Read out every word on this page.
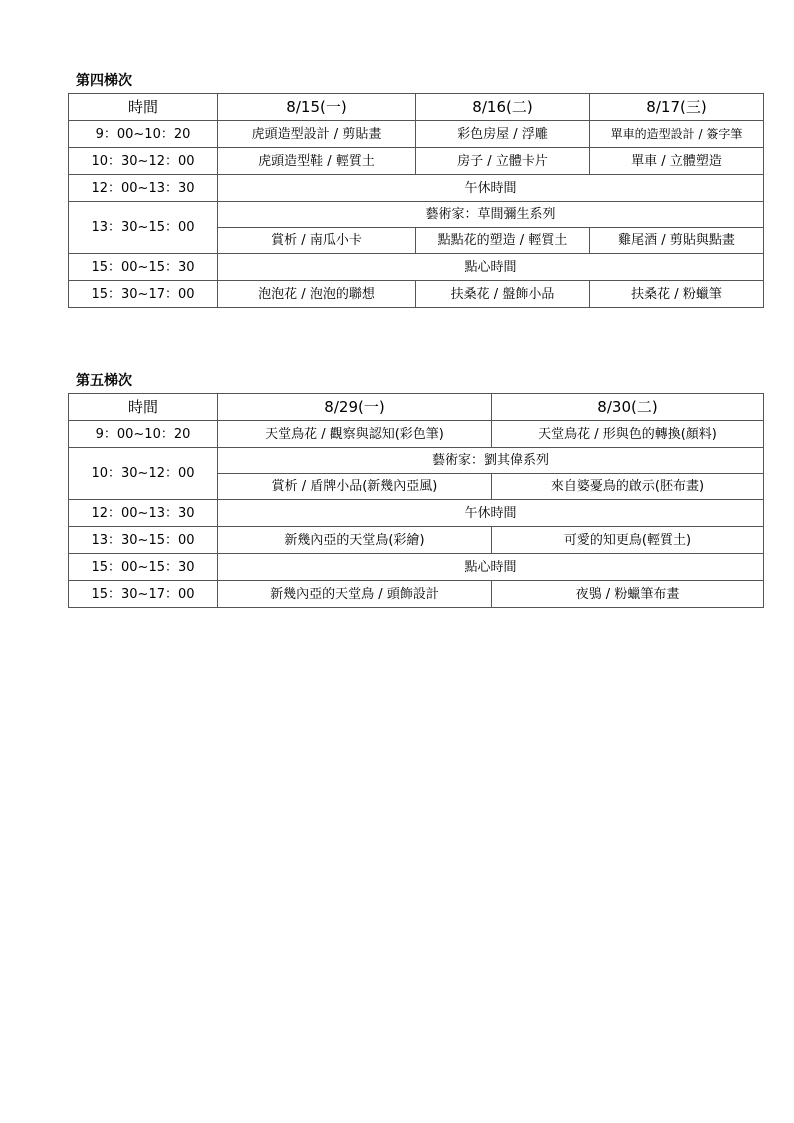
第四梯次
時間	8/15(一)	8/16(二)	8/17(三)
9：00~10：20	虎頭造型設計 / 剪貼畫	彩色房屋 / 浮雕	單車的造型設計 / 簽字筆
10：30~12：00	虎頭造型鞋 / 輕質土	房子 / 立體卡片	單車 / 立體塑造
12：00~13：30	午休時間		
13：30~15：00	藝術家：草間彌生系列		
	賞析 / 南瓜小卡	點點花的塑造 / 輕質土	雞尾酒 / 剪貼與點畫
15：00~15：30	點心時間		
15：30~17：00	泡泡花 / 泡泡的聯想	扶桑花 / 盤飾小品	扶桑花 / 粉蠟筆
第五梯次
時間	8/29(一)	8/30(二)
9：00~10：20	天堂鳥花 / 觀察與認知(彩色筆)	天堂鳥花 / 形與色的轉換(顏料)
10：30~12：00	藝術家：劉其偉系列	
	賞析 / 盾牌小品(新幾內亞風)	來自婆憂鳥的啟示(胚布畫)
12：00~13：30	午休時間	
13：30~15：00	新幾內亞的天堂鳥(彩繪)	可愛的知更鳥(輕質土)
15：00~15：30	點心時間	
15：30~17：00	新幾內亞的天堂鳥 / 頭飾設計	夜鴞 / 粉蠟筆布畫
